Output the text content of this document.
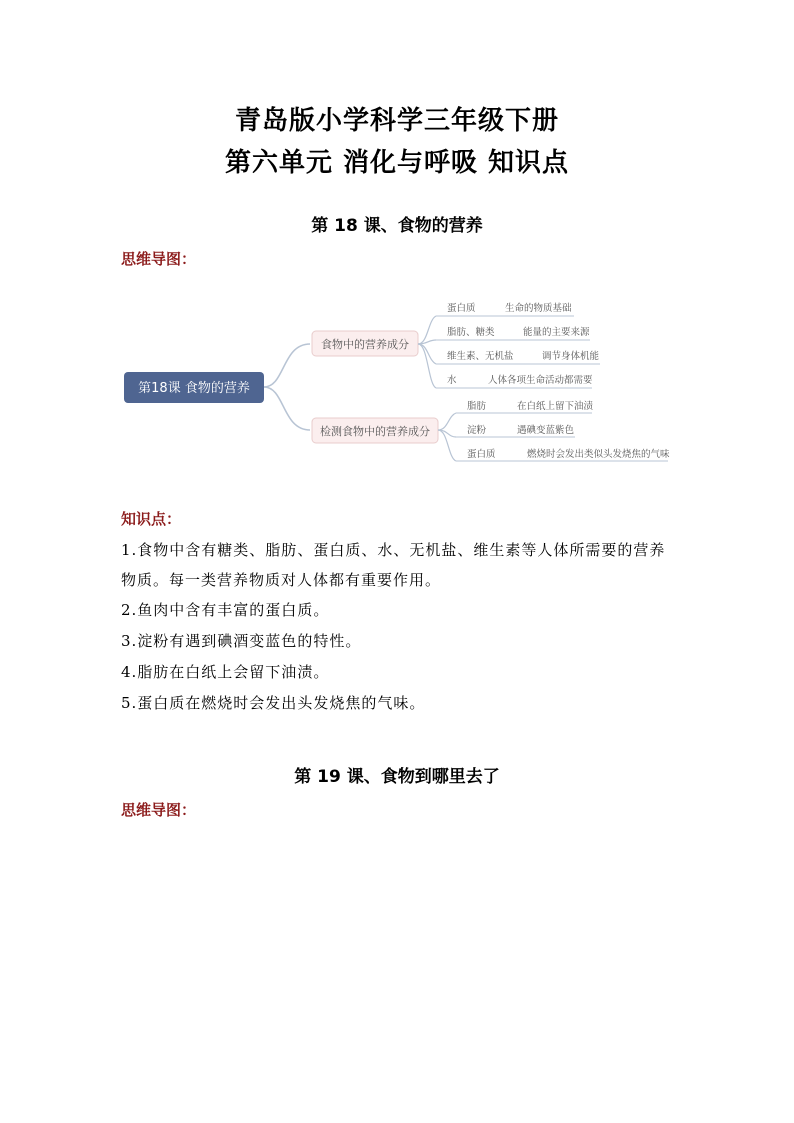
青岛版小学科学三年级下册
第六单元 消化与呼吸 知识点
第 18 课、食物的营养
思维导图：
第18课 食物的营养
食物中的营养成分
蛋白质	生命的物质基础
脂肪、糖类	能量的主要来源
维生素、无机盐	调节身体机能
水	人体各项生命活动都需要
检测食物中的营养成分
脂肪	在白纸上留下油渍
淀粉	遇碘变蓝紫色
蛋白质	燃烧时会发出类似头发烧焦的气味
知识点：
1.食物中含有糖类、脂肪、蛋白质、水、无机盐、维生素等人体所需要的营养物质。每一类营养物质对人体都有重要作用。
2.鱼肉中含有丰富的蛋白质。
3.淀粉有遇到碘酒变蓝色的特性。
4.脂肪在白纸上会留下油渍。
5.蛋白质在燃烧时会发出头发烧焦的气味。
第 19 课、食物到哪里去了
思维导图：
